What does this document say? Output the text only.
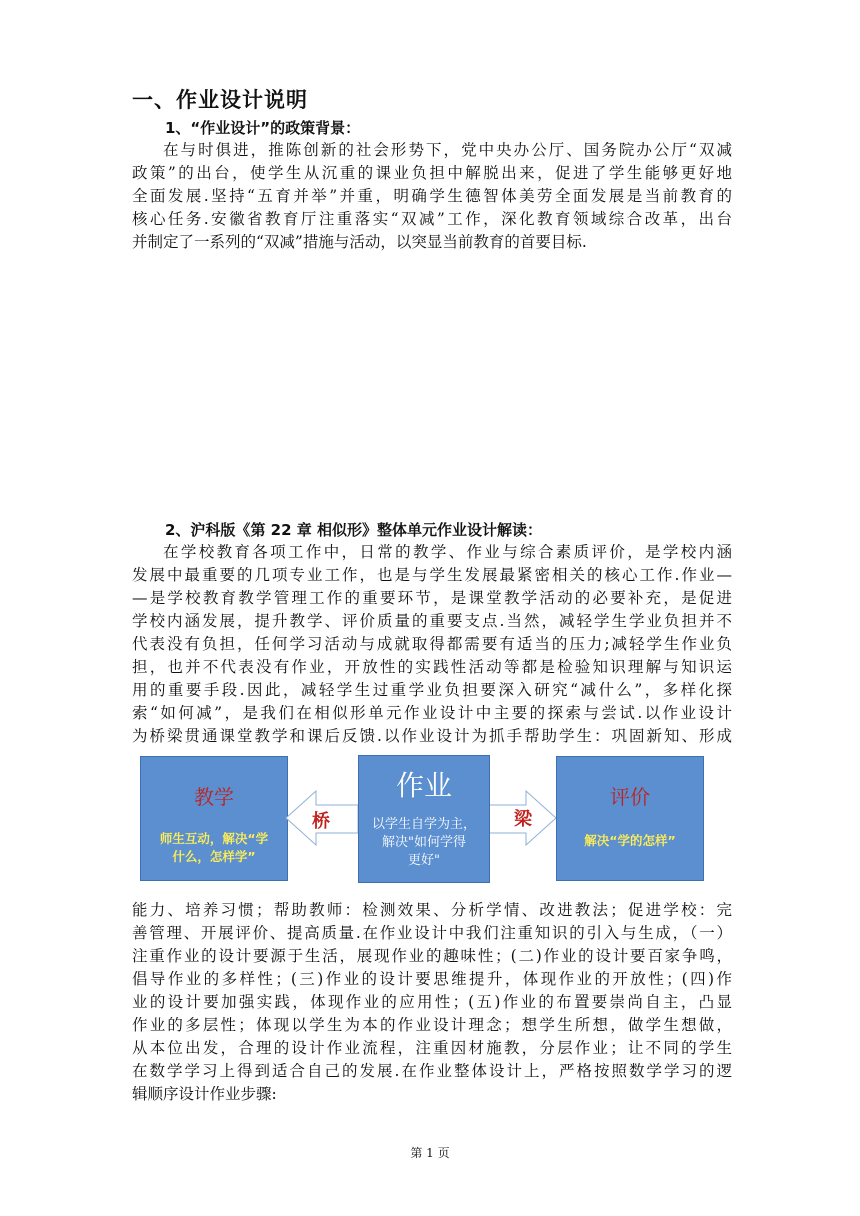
一、作业设计说明
1、“作业设计”的政策背景：
在与时俱进，推陈创新的社会形势下，党中央办公厅、国务院办公厅“双减
政策”的出台，使学生从沉重的课业负担中解脱出来，促进了学生能够更好地
全面发展.坚持“五育并举”并重，明确学生德智体美劳全面发展是当前教育的
核心任务.安徽省教育厅注重落实“双减”工作，深化教育领域综合改革，出台
并制定了一系列的“双减”措施与活动，以突显当前教育的首要目标.
2、沪科版《第 22 章 相似形》整体单元作业设计解读：
在学校教育各项工作中，日常的教学、作业与综合素质评价，是学校内涵
发展中最重要的几项专业工作，也是与学生发展最紧密相关的核心工作.作业—
—是学校教育教学管理工作的重要环节，是课堂教学活动的必要补充，是促进
学校内涵发展，提升教学、评价质量的重要支点.当然，减轻学生学业负担并不
代表没有负担，任何学习活动与成就取得都需要有适当的压力;减轻学生作业负
担，也并不代表没有作业，开放性的实践性活动等都是检验知识理解与知识运
用的重要手段.因此，减轻学生过重学业负担要深入研究“减什么”，多样化探
索“如何减”，是我们在相似形单元作业设计中主要的探索与尝试.以作业设计
为桥梁贯通课堂教学和课后反馈.以作业设计为抓手帮助学生：巩固新知、形成
教学
师生互动，解决“学
什么，怎样学”
作业
以学生自学为主，
解决"如何学得
更好"
评价
解决“学的怎样”
桥	梁
能力、培养习惯；帮助教师：检测效果、分析学情、改进教法；促进学校：完
善管理、开展评价、提高质量.在作业设计中我们注重知识的引入与生成，（一）
注重作业的设计要源于生活，展现作业的趣味性；(二)作业的设计要百家争鸣，
倡导作业的多样性；(三)作业的设计要思维提升，体现作业的开放性；(四)作
业的设计要加强实践，体现作业的应用性；(五)作业的布置要崇尚自主，凸显
作业的多层性；体现以学生为本的作业设计理念；想学生所想，做学生想做，
从本位出发，合理的设计作业流程，注重因材施教，分层作业；让不同的学生
在数学学习上得到适合自己的发展.在作业整体设计上，严格按照数学学习的逻
辑顺序设计作业步骤:
第 1 页
